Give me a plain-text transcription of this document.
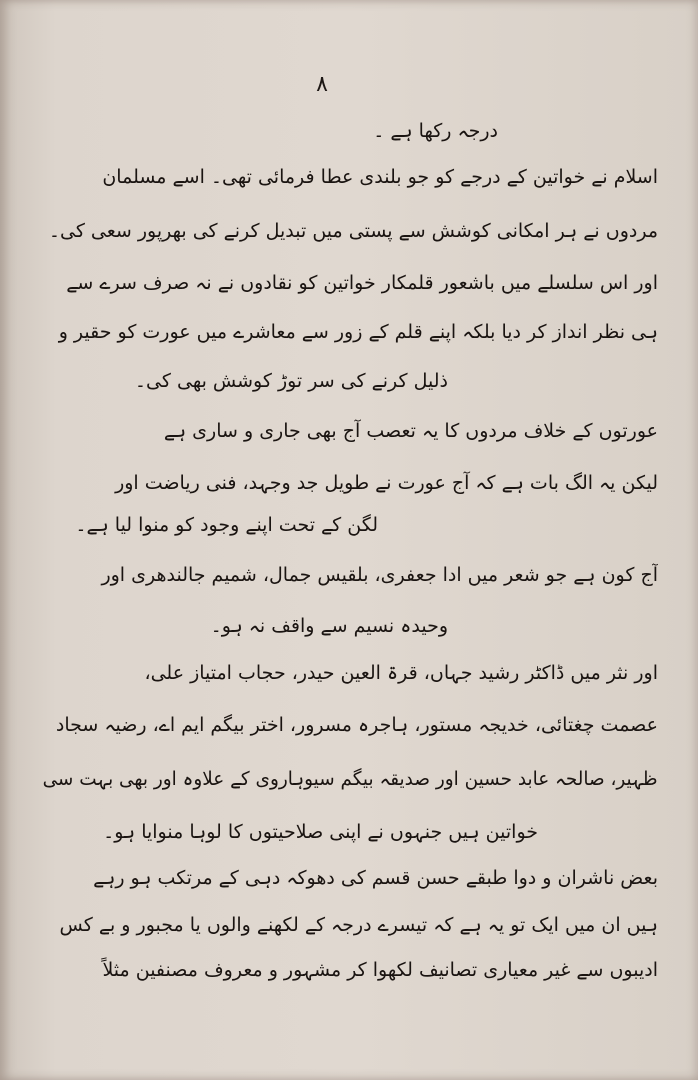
۸
درجہ رکھا ہے ۔
اسلام نے خواتین کے درجے کو جو بلندی عطا فرمائی تھی۔ اسے مسلمان
مردوں نے ہر امکانی کوشش سے پستی میں تبدیل کرنے کی بھرپور سعی کی۔
اور اس سلسلے میں باشعور قلمکار خواتین کو نقادوں نے نہ صرف سرے سے
ہی نظر انداز کر دیا بلکہ اپنے قلم کے زور سے معاشرے میں عورت کو حقیر و
ذلیل کرنے کی سر توڑ کوشش بھی کی۔
عورتوں کے خلاف مردوں کا یہ تعصب آج بھی جاری و ساری ہے
لیکن یہ الگ بات ہے کہ آج عورت نے طویل جد وجہد، فنی ریاضت اور
لگن کے تحت اپنے وجود کو منوا لیا ہے۔
آج کون ہے جو شعر میں ادا جعفری، بلقیس جمال، شمیم جالندھری اور
وحیدہ نسیم سے واقف نہ ہو۔
اور نثر میں ڈاکٹر رشید جہاں، قرۃ العین حیدر، حجاب امتیاز علی،
عصمت چغتائی، خدیجہ مستور، ہاجرہ مسرور، اختر بیگم ایم اے، رضیہ سجاد
ظہیر، صالحہ عابد حسین اور صدیقہ بیگم سیوہاروی کے علاوہ اور بھی بہت سی
خواتین ہیں جنہوں نے اپنی صلاحیتوں کا لوہا منوایا ہو۔
بعض ناشران و دوا طبقے حسن قسم کی دھوکہ دہی کے مرتکب ہو رہے
ہیں ان میں ایک تو یہ ہے کہ تیسرے درجہ کے لکھنے والوں یا مجبور و بے کس
ادیبوں سے غیر معیاری تصانیف لکھوا کر مشہور و معروف مصنفین مثلاً
